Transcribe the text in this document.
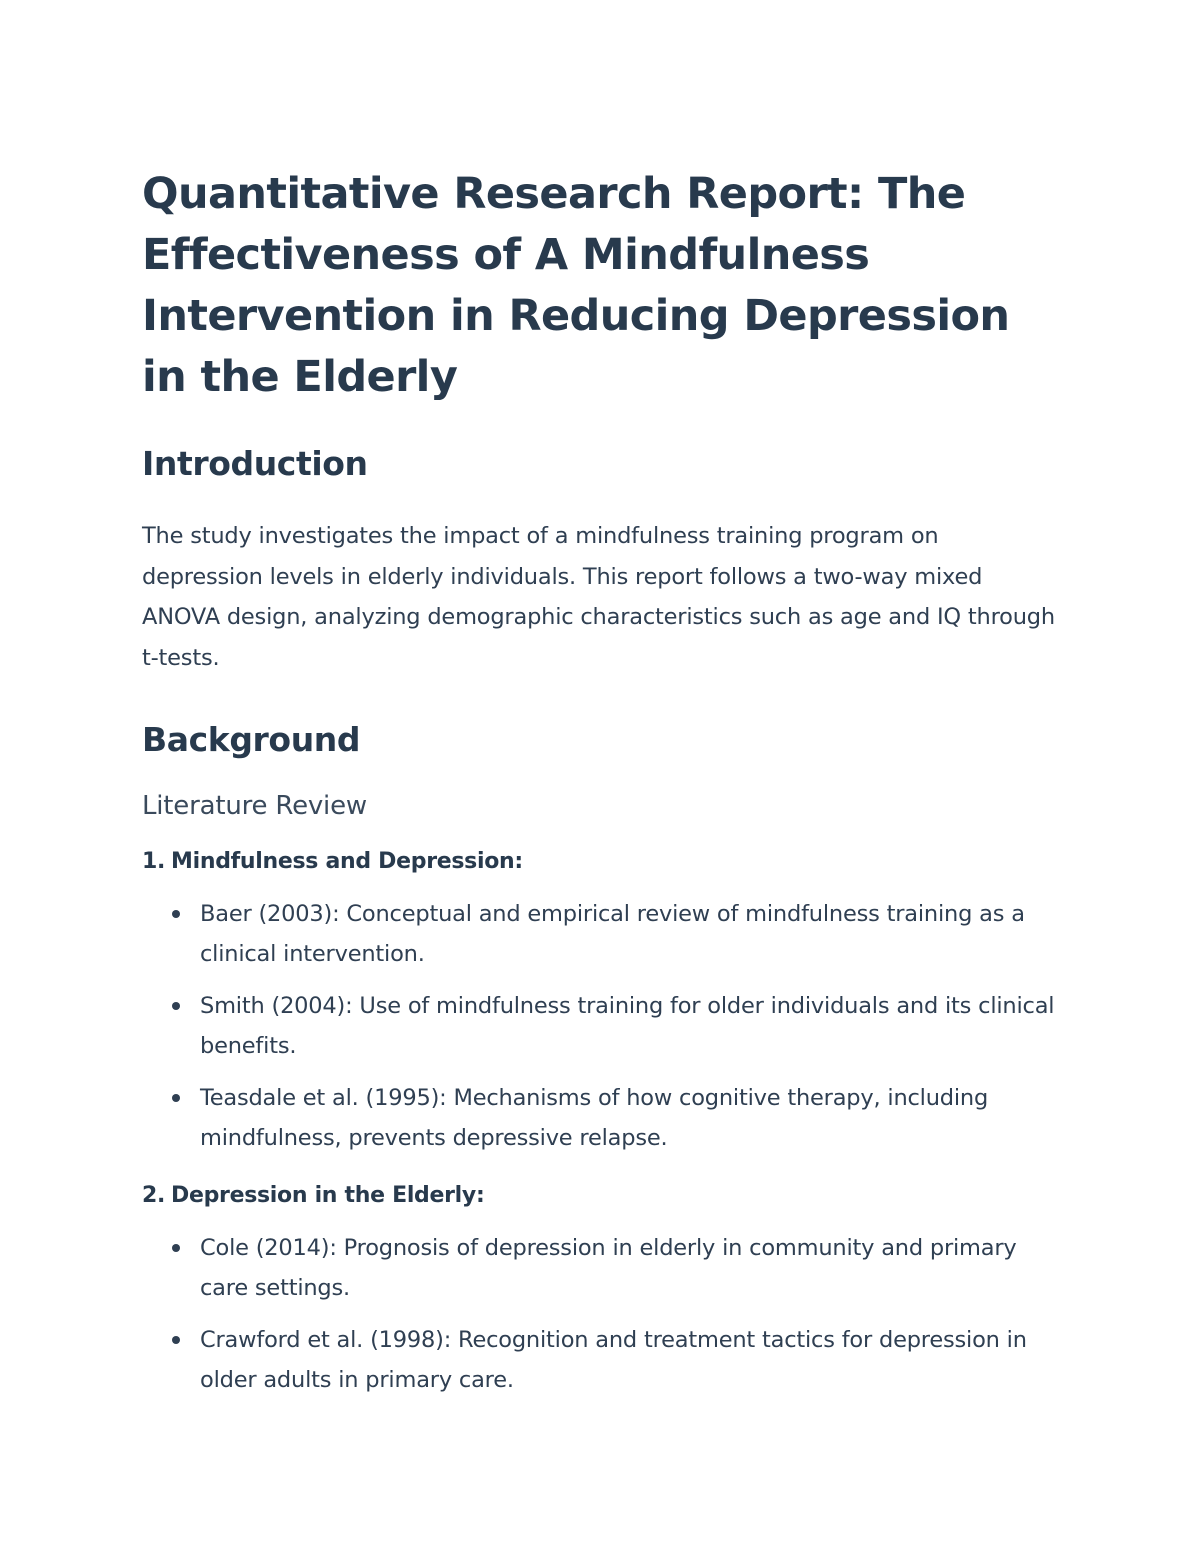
Quantitative Research Report: The Effectiveness of A Mindfulness Intervention in Reducing Depression in the Elderly
Introduction

The study investigates the impact of a mindfulness training program on depression levels in elderly individuals. This report follows a two-way mixed ANOVA design, analyzing demographic characteristics such as age and IQ through t-tests.

Background
Literature Review
1. Mindfulness and Depression:
Baer (2003): Conceptual and empirical review of mindfulness training as a clinical intervention.
Smith (2004): Use of mindfulness training for older individuals and its clinical benefits.
Teasdale et al. (1995): Mechanisms of how cognitive therapy, including mindfulness, prevents depressive relapse.
2. Depression in the Elderly:
Cole (2014): Prognosis of depression in elderly in community and primary care settings.
Crawford et al. (1998): Recognition and treatment tactics for depression in older adults in primary care.
